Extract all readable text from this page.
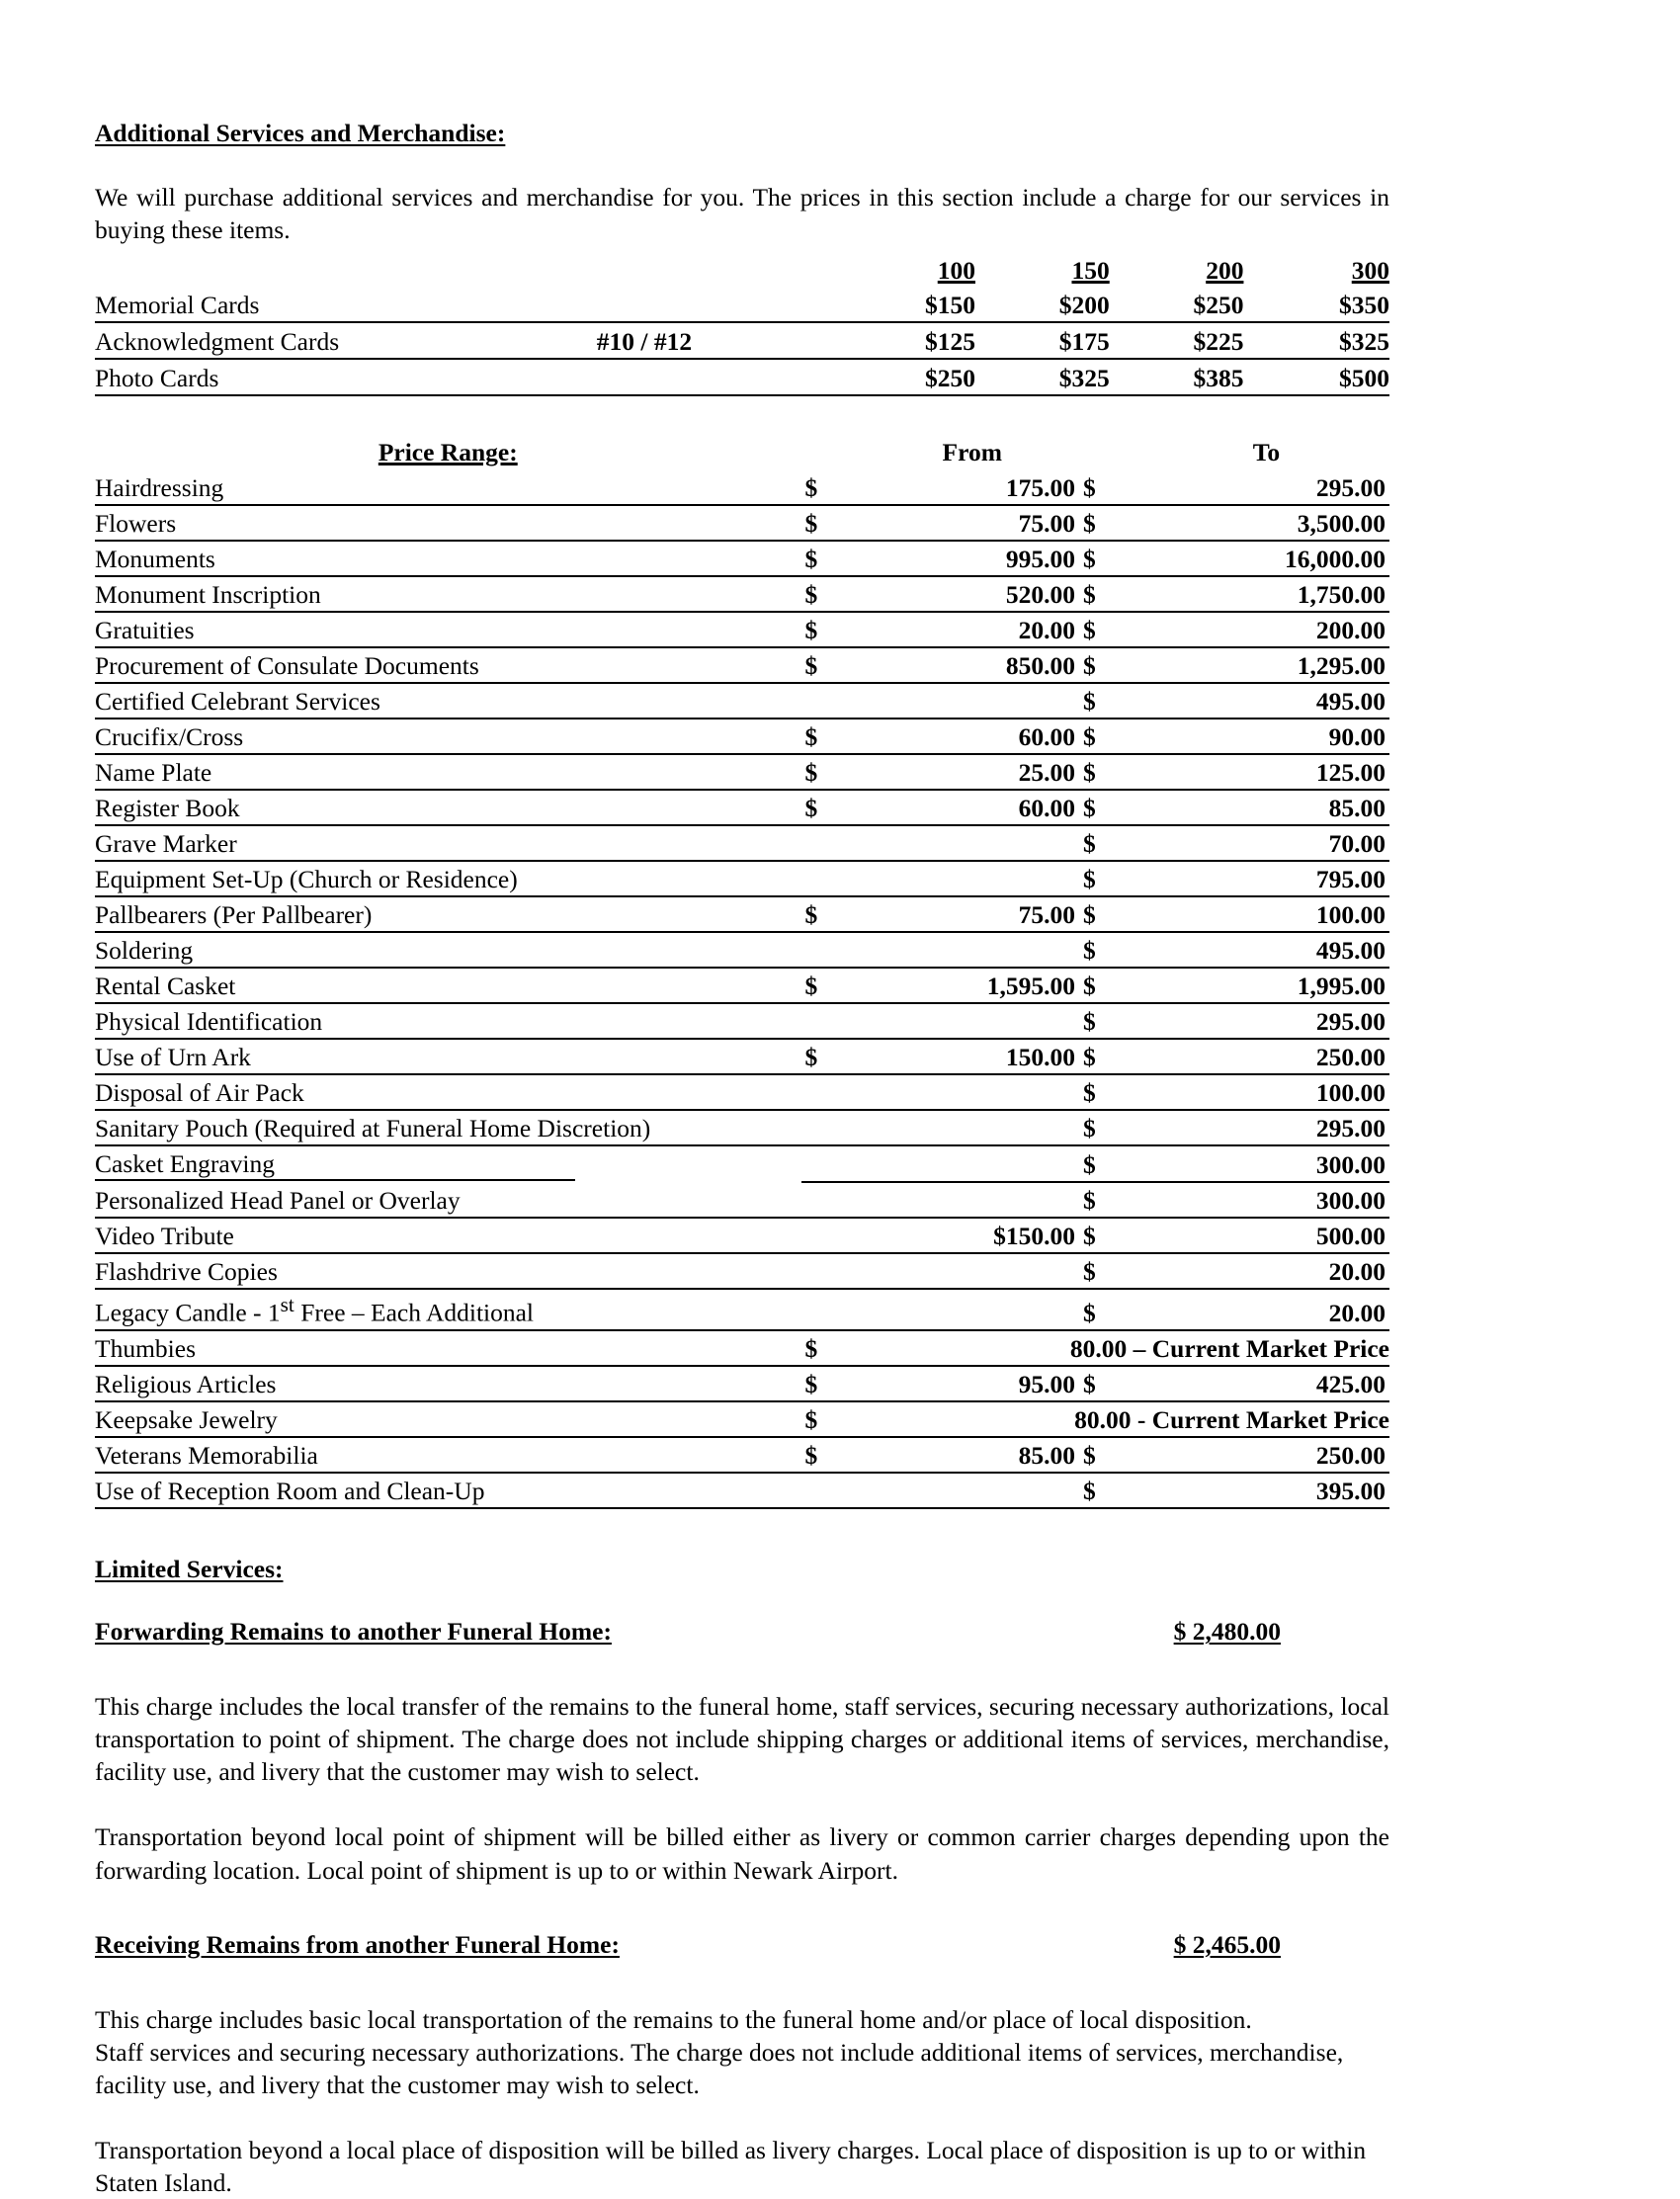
Additional Services and Merchandise:

We will purchase additional services and merchandise for you. The prices in this section include a charge for our services in buying these items.

		100	150	200	300
Memorial Cards		$150	$200	$250	$350
Acknowledgment Cards	#10 / #12	$125	$175	$225	$325
Photo Cards		$250	$325	$385	$500
Price Range:		From		To
Hairdressing	$	175.00	$	295.00
Flowers	$	75.00	$	3,500.00
Monuments	$	995.00	$	16,000.00
Monument Inscription	$	520.00	$	1,750.00
Gratuities	$	20.00	$	200.00
Procurement of Consulate Documents	$	850.00	$	1,295.00
Certified Celebrant Services			$	495.00
Crucifix/Cross	$	60.00	$	90.00
Name Plate	$	25.00	$	125.00
Register Book	$	60.00	$	85.00
Grave Marker			$	70.00
Equipment Set-Up (Church or Residence)			$	795.00
Pallbearers (Per Pallbearer)	$	75.00	$	100.00
Soldering			$	495.00
Rental Casket	$	1,595.00	$	1,995.00
Physical Identification			$	295.00
Use of Urn Ark	$	150.00	$	250.00
Disposal of Air Pack			$	100.00
Sanitary Pouch (Required at Funeral Home Discretion)			$	295.00
Casket Engraving			$	300.00
Personalized Head Panel or Overlay			$	300.00
Video Tribute		$150.00	$	500.00
Flashdrive Copies			$	20.00
Legacy Candle - 1st Free – Each Additional			$	20.00
Thumbies	$	80.00 – Current Market Price		
Religious Articles	$	95.00	$	425.00
Keepsake Jewelry	$	80.00 - Current Market Price		
Veterans Memorabilia	$	85.00	$	250.00
Use of Reception Room and Clean-Up			$	395.00
Limited Services:
Forwarding Remains to another Funeral Home:	$ 2,480.00

This charge includes the local transfer of the remains to the funeral home, staff services, securing necessary authorizations, local transportation to point of shipment. The charge does not include shipping charges or additional items of services, merchandise, facility use, and livery that the customer may wish to select.

Transportation beyond local point of shipment will be billed either as livery or common carrier charges depending upon the forwarding location. Local point of shipment is up to or within Newark Airport.

Receiving Remains from another Funeral Home:	$ 2,465.00

This charge includes basic local transportation of the remains to the funeral home and/or place of local disposition.

Staff services and securing necessary authorizations. The charge does not include additional items of services, merchandise,

facility use, and livery that the customer may wish to select.

Transportation beyond a local place of disposition will be billed as livery charges. Local place of disposition is up to or within Staten Island.
